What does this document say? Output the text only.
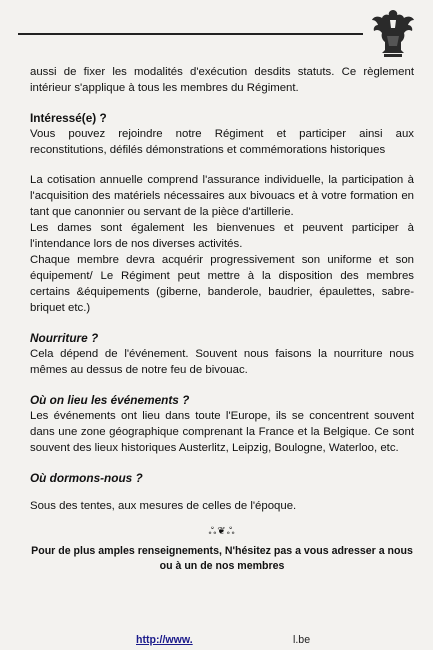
aussi de fixer les modalités d'exécution desdits statuts. Ce règlement intérieur s'applique à tous les membres du Régiment.

Intéressé(e) ?

Vous pouvez rejoindre notre Régiment et participer ainsi aux reconstitutions, défilés démonstrations et commémorations historiques

La cotisation annuelle comprend l'assurance individuelle, la participation à l'acquisition des matériels nécessaires aux bivouacs et à votre formation en tant que canonnier ou servant de la pièce d'artillerie.

Les dames sont également les bienvenues et peuvent participer à l'intendance lors de nos diverses activités.

Chaque membre devra acquérir progressivement son uniforme et son équipement/ Le Régiment peut mettre à la disposition des membres certains &équipements (giberne, banderole, baudrier, épaulettes, sabre-briquet etc.)

Nourriture ?

Cela dépend de l'événement. Souvent nous faisons la nourriture nous mêmes au dessus de notre feu de bivouac.

Où on lieu les événements ?

Les événements ont lieu dans toute l'Europe, ils se concentrent souvent dans une zone géographique comprenant la France et la Belgique. Ce sont souvent des lieux historiques Austerlitz, Leipzig, Boulogne, Waterloo, etc.

Où dormons-nous ?

Sous des tentes, aux mesures de celles de l'époque.

ஃ❦ஃ
Pour de plus amples renseignements, N'hésitez pas a vous adresser a nous
ou à un de nos membres
http://www.	l.be
